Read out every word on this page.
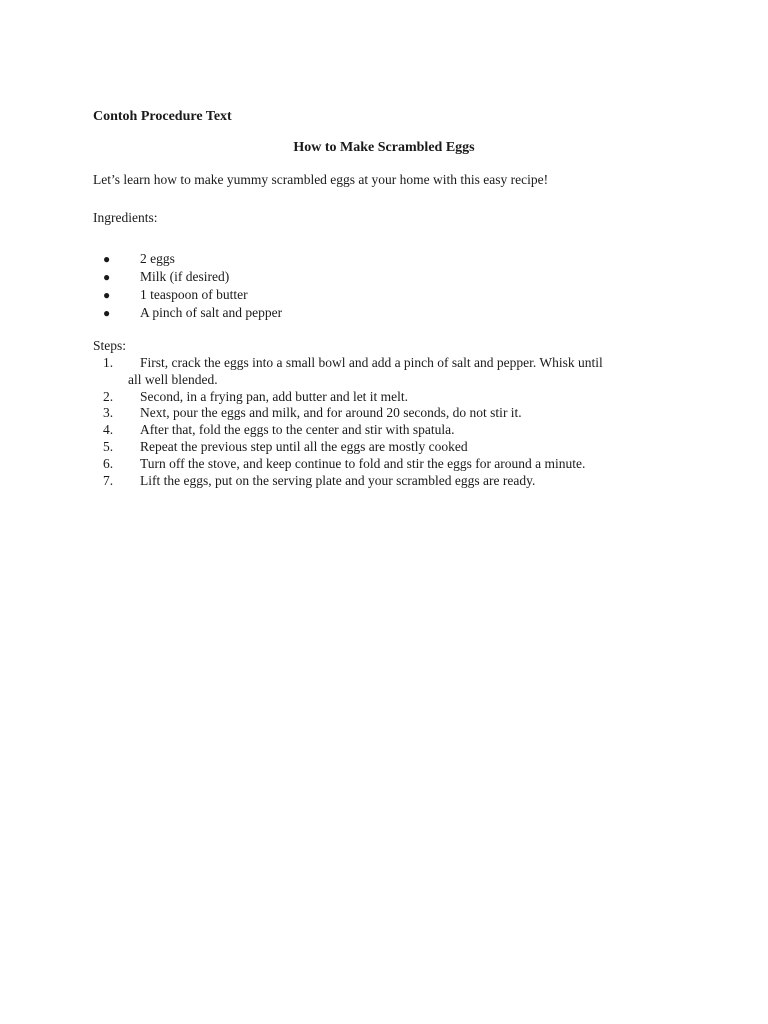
Contoh Procedure Text

How to Make Scrambled Eggs

Let’s learn how to make yummy scrambled eggs at your home with this easy recipe!

Ingredients:

● 2 eggs
● Milk (if desired)
● 1 teaspoon of butter
● A pinch of salt and pepper

Steps:

1. First, crack the eggs into a small bowl and add a pinch of salt and pepper. Whisk until
all well blended.
2. Second, in a frying pan, add butter and let it melt.
3. Next, pour the eggs and milk, and for around 20 seconds, do not stir it.
4. After that, fold the eggs to the center and stir with spatula.
5. Repeat the previous step until all the eggs are mostly cooked
6. Turn off the stove, and keep continue to fold and stir the eggs for around a minute.
7. Lift the eggs, put on the serving plate and your scrambled eggs are ready.
